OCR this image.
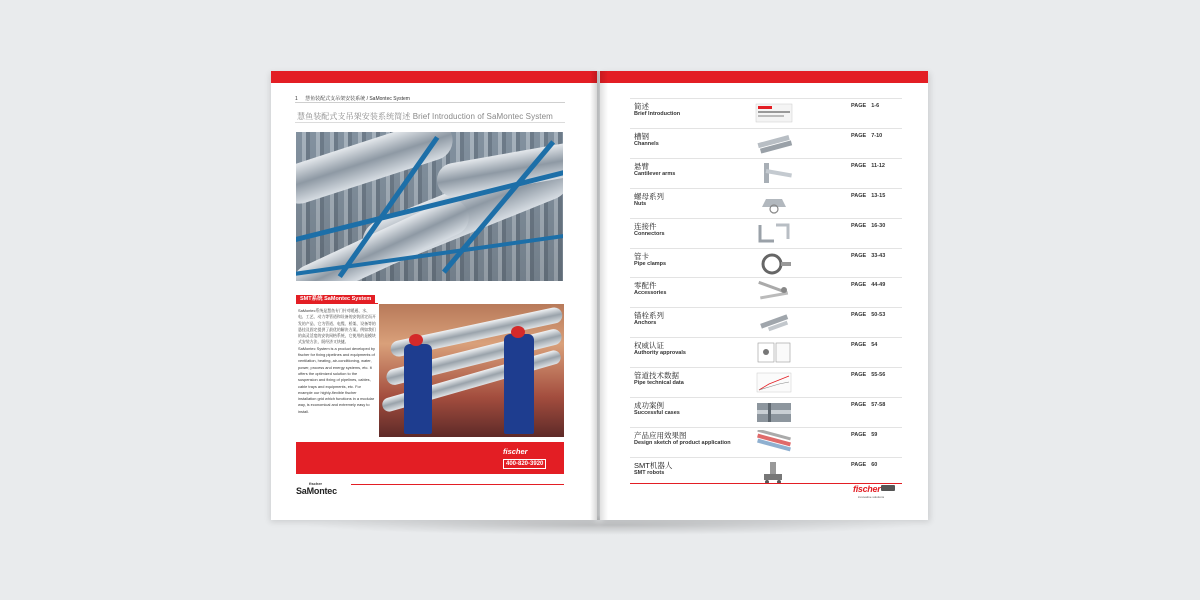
1 慧鱼装配式支吊架安装系统 / SaMontec System
慧鱼装配式支吊架安装系统简述 Brief Introduction of SaMontec System
SMT系统 SaMontec System

SaMontec系统是慧鱼专门针对暖通、水、电、工艺、动力等管道和设备的安装固定而开发的产品，它为管道、电缆、桥架、设备等的悬挂及固定提供了最优的解决方案。例如我们的高灵活度的安装网格系统，它使用的是模块式安装方法，既经济又快捷。

SaMontec System is a product developed by fischer for fixing pipelines and equipments of ventilation, heating, air-conditioning, water, power, process and energy systems, etc. It offers the optimized solution to the suspension and fixing of pipelines, cables, cable trays and equipments, etc. For example our highly-flexible fischer installation grid which functions in a modular way, is economical and extremely easy to install.

fischer
400-820-3920
fischer
SaMontec
简述
Brief Introduction
PAGE 1-6
槽钢
Channels
PAGE 7-10
悬臂
Cantilever arms
PAGE 11-12
螺母系列
Nuts
PAGE 13-15
连接件
Connectors
PAGE 16-30
管卡
Pipe clamps
PAGE 33-43
零配件
Accessories
PAGE 44-49
锚栓系列
Anchors
PAGE 50-53
权威认证
Authority approvals
PAGE 54
管道技术数据
Pipe technical data
PAGE 55-56
成功案例
Successful cases
PAGE 57-58
产品应用效果图
Design sketch of product application
PAGE 59
SMT机器人
SMT robots
PAGE 60
fischer
innovative solutions
